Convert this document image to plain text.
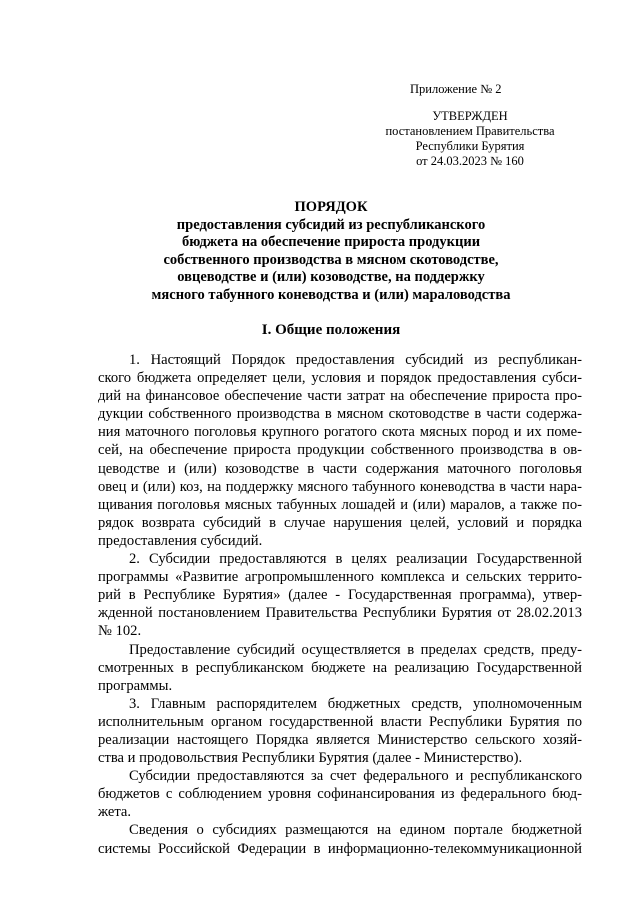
Приложение № 2
УТВЕРЖДЕН
постановлением Правительства
Республики Бурятия
от 24.03.2023 № 160
ПОРЯДОК
предоставления субсидий из республиканского
бюджета на обеспечение прироста продукции
собственного производства в мясном скотоводстве,
овцеводстве и (или) козоводстве, на поддержку
мясного табунного коневодства и (или) мараловодства
I. Общие положения
1. Настоящий Порядок предоставления субсидий из республикан-
ского бюджета определяет цели, условия и порядок предоставления субси-
дий на финансовое обеспечение части затрат на обеспечение прироста про-
дукции собственного производства в мясном скотоводстве в части содержа-
ния маточного поголовья крупного рогатого скота мясных пород и их поме-
сей, на обеспечение прироста продукции собственного производства в ов-
цеводстве и (или) козоводстве в части содержания маточного поголовья
овец и (или) коз, на поддержку мясного табунного коневодства в части нара-
щивания поголовья мясных табунных лошадей и (или) маралов, а также по-
рядок возврата субсидий в случае нарушения целей, условий и порядка
предоставления субсидий.
2. Субсидии предоставляются в целях реализации Государственной
программы «Развитие агропромышленного комплекса и сельских террито-
рий в Республике Бурятия» (далее - Государственная программа), утвер-
жденной постановлением Правительства Республики Бурятия от 28.02.2013
№ 102.
Предоставление субсидий осуществляется в пределах средств, преду-
смотренных в республиканском бюджете на реализацию Государственной
программы.
3. Главным распорядителем бюджетных средств, уполномоченным
исполнительным органом государственной власти Республики Бурятия по
реализации настоящего Порядка является Министерство сельского хозяй-
ства и продовольствия Республики Бурятия (далее - Министерство).
Субсидии предоставляются за счет федерального и республиканского
бюджетов с соблюдением уровня софинансирования из федерального бюд-
жета.
Сведения о субсидиях размещаются на едином портале бюджетной
системы Российской Федерации в информационно-телекоммуникационной
